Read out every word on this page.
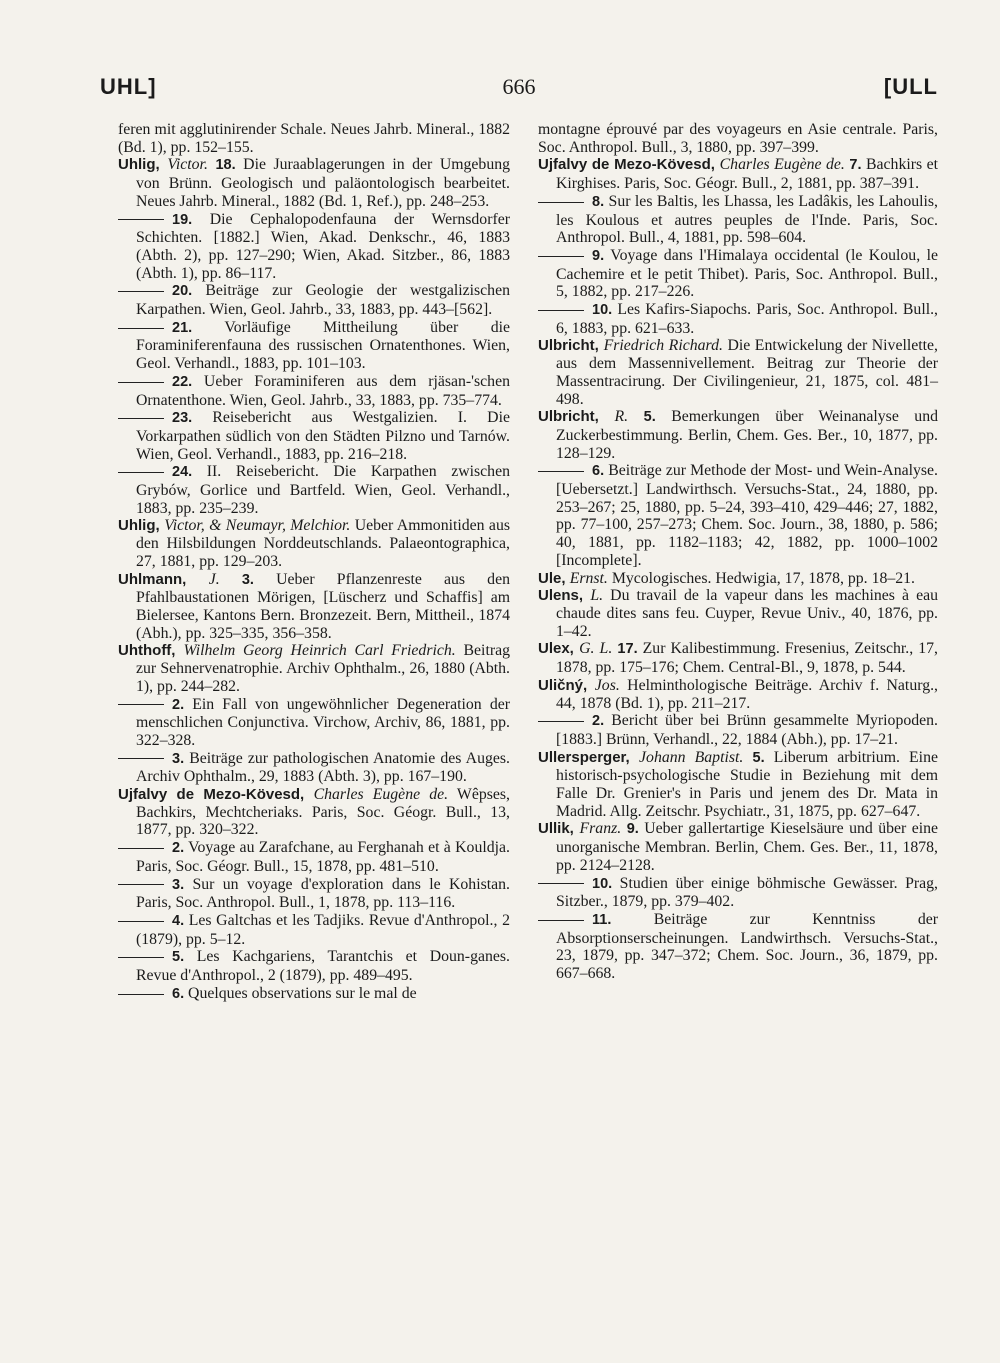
UHL]	666	[ULL
feren mit agglutinirender Schale. Neues Jahrb. Mineral., 1882 (Bd. 1), pp. 152–155.
Uhlig, Victor. 18. Die Juraablagerungen in der Umgebung von Brünn. Geologisch und paläontologisch bearbeitet. Neues Jahrb. Mineral., 1882 (Bd. 1, Ref.), pp. 248–253.
19. Die Cephalopodenfauna der Wernsdorfer Schichten. [1882.] Wien, Akad. Denkschr., 46, 1883 (Abth. 2), pp. 127–290; Wien, Akad. Sitzber., 86, 1883 (Abth. 1), pp. 86–117.
20. Beiträge zur Geologie der westgalizischen Karpathen. Wien, Geol. Jahrb., 33, 1883, pp. 443–[562].
21. Vorläufige Mittheilung über die Foraminiferenfauna des russischen Ornatenthones. Wien, Geol. Verhandl., 1883, pp. 101–103.
22. Ueber Foraminiferen aus dem rjäsan-'schen Ornatenthone. Wien, Geol. Jahrb., 33, 1883, pp. 735–774.
23. Reisebericht aus Westgalizien. I. Die Vorkarpathen südlich von den Städten Pilzno und Tarnów. Wien, Geol. Verhandl., 1883, pp. 216–218.
24. II. Reisebericht. Die Karpathen zwischen Grybów, Gorlice und Bartfeld. Wien, Geol. Verhandl., 1883, pp. 235–239.
Uhlig, Victor, & Neumayr, Melchior. Ueber Ammonitiden aus den Hilsbildungen Norddeutschlands. Palaeontographica, 27, 1881, pp. 129–203.
Uhlmann, J. 3. Ueber Pflanzenreste aus den Pfahlbaustationen Mörigen, [Lüscherz und Schaffis] am Bielersee, Kantons Bern. Bronzezeit. Bern, Mittheil., 1874 (Abh.), pp. 325–335, 356–358.
Uhthoff, Wilhelm Georg Heinrich Carl Friedrich. Beitrag zur Sehnervenatrophie. Archiv Ophthalm., 26, 1880 (Abth. 1), pp. 244–282.
2. Ein Fall von ungewöhnlicher Degeneration der menschlichen Conjunctiva. Virchow, Archiv, 86, 1881, pp. 322–328.
3. Beiträge zur pathologischen Anatomie des Auges. Archiv Ophthalm., 29, 1883 (Abth. 3), pp. 167–190.
Ujfalvy de Mezo-Kövesd, Charles Eugène de. Wêpses, Bachkirs, Mechtcheriaks. Paris, Soc. Géogr. Bull., 13, 1877, pp. 320–322.
2. Voyage au Zarafchane, au Ferghanah et à Kouldja. Paris, Soc. Géogr. Bull., 15, 1878, pp. 481–510.
3. Sur un voyage d'exploration dans le Kohistan. Paris, Soc. Anthropol. Bull., 1, 1878, pp. 113–116.
4. Les Galtchas et les Tadjiks. Revue d'Anthropol., 2 (1879), pp. 5–12.
5. Les Kachgariens, Tarantchis et Doun-ganes. Revue d'Anthropol., 2 (1879), pp. 489–495.
6. Quelques observations sur le mal de
montagne éprouvé par des voyageurs en Asie centrale. Paris, Soc. Anthropol. Bull., 3, 1880, pp. 397–399.
Ujfalvy de Mezo-Kövesd, Charles Eugène de. 7. Bachkirs et Kirghises. Paris, Soc. Géogr. Bull., 2, 1881, pp. 387–391.
8. Sur les Baltis, les Lhassa, les Ladâkis, les Lahoulis, les Koulous et autres peuples de l'Inde. Paris, Soc. Anthropol. Bull., 4, 1881, pp. 598–604.
9. Voyage dans l'Himalaya occidental (le Koulou, le Cachemire et le petit Thibet). Paris, Soc. Anthropol. Bull., 5, 1882, pp. 217–226.
10. Les Kafirs-Siapochs. Paris, Soc. Anthropol. Bull., 6, 1883, pp. 621–633.
Ulbricht, Friedrich Richard. Die Entwickelung der Nivellette, aus dem Massennivellement. Beitrag zur Theorie der Massentracirung. Der Civilingenieur, 21, 1875, col. 481–498.
Ulbricht, R. 5. Bemerkungen über Weinanalyse und Zuckerbestimmung. Berlin, Chem. Ges. Ber., 10, 1877, pp. 128–129.
6. Beiträge zur Methode der Most- und Wein-Analyse. [Uebersetzt.] Landwirthsch. Versuchs-Stat., 24, 1880, pp. 253–267; 25, 1880, pp. 5–24, 393–410, 429–446; 27, 1882, pp. 77–100, 257–273; Chem. Soc. Journ., 38, 1880, p. 586; 40, 1881, pp. 1182–1183; 42, 1882, pp. 1000–1002 [Incomplete].
Ule, Ernst. Mycologisches. Hedwigia, 17, 1878, pp. 18–21.
Ulens, L. Du travail de la vapeur dans les machines à eau chaude dites sans feu. Cuyper, Revue Univ., 40, 1876, pp. 1–42.
Ulex, G. L. 17. Zur Kalibestimmung. Fresenius, Zeitschr., 17, 1878, pp. 175–176; Chem. Central-Bl., 9, 1878, p. 544.
Uličný, Jos. Helminthologische Beiträge. Archiv f. Naturg., 44, 1878 (Bd. 1), pp. 211–217.
2. Bericht über bei Brünn gesammelte Myriopoden. [1883.] Brünn, Verhandl., 22, 1884 (Abh.), pp. 17–21.
Ullersperger, Johann Baptist. 5. Liberum arbitrium. Eine historisch-psychologische Studie in Beziehung mit dem Falle Dr. Grenier's in Paris und jenem des Dr. Mata in Madrid. Allg. Zeitschr. Psychiatr., 31, 1875, pp. 627–647.
Ullik, Franz. 9. Ueber gallertartige Kieselsäure und über eine unorganische Membran. Berlin, Chem. Ges. Ber., 11, 1878, pp. 2124–2128.
10. Studien über einige böhmische Gewässer. Prag, Sitzber., 1879, pp. 379–402.
11. Beiträge zur Kenntniss der Absorptionserscheinungen. Landwirthsch. Versuchs-Stat., 23, 1879, pp. 347–372; Chem. Soc. Journ., 36, 1879, pp. 667–668.
